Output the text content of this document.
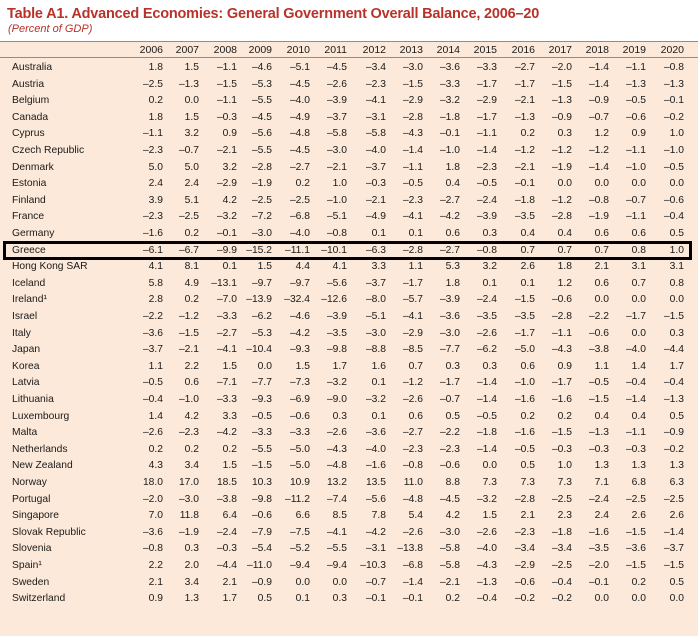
Table A1. Advanced Economies: General Government Overall Balance, 2006–20
(Percent of GDP)
2006	2007	2008	2009	2010	2011	2012	2013	2014	2015	2016	2017	2018	2019	2020
Australia	1.8	1.5	–1.1	–4.6	–5.1	–4.5	–3.4	–3.0	–3.6	–3.3	–2.7	–2.0	–1.4	–1.1	–0.8
Austria	–2.5	–1.3	–1.5	–5.3	–4.5	–2.6	–2.3	–1.5	–3.3	–1.7	–1.7	–1.5	–1.4	–1.3	–1.3
Belgium	0.2	0.0	–1.1	–5.5	–4.0	–3.9	–4.1	–2.9	–3.2	–2.9	–2.1	–1.3	–0.9	–0.5	–0.1
Canada	1.8	1.5	–0.3	–4.5	–4.9	–3.7	–3.1	–2.8	–1.8	–1.7	–1.3	–0.9	–0.7	–0.6	–0.2
Cyprus	–1.1	3.2	0.9	–5.6	–4.8	–5.8	–5.8	–4.3	–0.1	–1.1	0.2	0.3	1.2	0.9	1.0
Czech Republic	–2.3	–0.7	–2.1	–5.5	–4.5	–3.0	–4.0	–1.4	–1.0	–1.4	–1.2	–1.2	–1.2	–1.1	–1.0
Denmark	5.0	5.0	3.2	–2.8	–2.7	–2.1	–3.7	–1.1	1.8	–2.3	–2.1	–1.9	–1.4	–1.0	–0.5
Estonia	2.4	2.4	–2.9	–1.9	0.2	1.0	–0.3	–0.5	0.4	–0.5	–0.1	0.0	0.0	0.0	0.0
Finland	3.9	5.1	4.2	–2.5	–2.5	–1.0	–2.1	–2.3	–2.7	–2.4	–1.8	–1.2	–0.8	–0.7	–0.6
France	–2.3	–2.5	–3.2	–7.2	–6.8	–5.1	–4.9	–4.1	–4.2	–3.9	–3.5	–2.8	–1.9	–1.1	–0.4
Germany	–1.6	0.2	–0.1	–3.0	–4.0	–0.8	0.1	0.1	0.6	0.3	0.4	0.4	0.6	0.6	0.5
Greece	–6.1	–6.7	–9.9 –15.2	–11.1	–10.1	–6.3	–2.8	–2.7	–0.8	0.7	0.7	0.7	0.8	1.0
Hong Kong SAR	4.1	8.1	0.1	1.5	4.4	4.1	3.3	1.1	5.3	3.2	2.6	1.8	2.1	3.1	3.1
Iceland	5.8	4.9	–13.1	–9.7	–9.7	–5.6	–3.7	–1.7	1.8	0.1	0.1	1.2	0.6	0.7	0.8
Ireland¹	2.8	0.2	–7.0 –13.9	–32.4	–12.6	–8.0	–5.7	–3.9	–2.4	–1.5	–0.6	0.0	0.0	0.0
Israel	–2.2	–1.2	–3.3	–6.2	–4.6	–3.9	–5.1	–4.1	–3.6	–3.5	–3.5	–2.8	–2.2	–1.7	–1.5
Italy	–3.6	–1.5	–2.7	–5.3	–4.2	–3.5	–3.0	–2.9	–3.0	–2.6	–1.7	–1.1	–0.6	0.0	0.3
Japan	–3.7	–2.1	–4.1 –10.4	–9.3	–9.8	–8.8	–8.5	–7.7	–6.2	–5.0	–4.3	–3.8	–4.0	–4.4
Korea	1.1	2.2	1.5	0.0	1.5	1.7	1.6	0.7	0.3	0.3	0.6	0.9	1.1	1.4	1.7
Latvia	–0.5	0.6	–7.1	–7.7	–7.3	–3.2	0.1	–1.2	–1.7	–1.4	–1.0	–1.7	–0.5	–0.4	–0.4
Lithuania	–0.4	–1.0	–3.3	–9.3	–6.9	–9.0	–3.2	–2.6	–0.7	–1.4	–1.6	–1.6	–1.5	–1.4	–1.3
Luxembourg	1.4	4.2	3.3	–0.5	–0.6	0.3	0.1	0.6	0.5	–0.5	0.2	0.2	0.4	0.4	0.5
Malta	–2.6	–2.3	–4.2	–3.3	–3.3	–2.6	–3.6	–2.7	–2.2	–1.8	–1.6	–1.5	–1.3	–1.1	–0.9
Netherlands	0.2	0.2	0.2	–5.5	–5.0	–4.3	–4.0	–2.3	–2.3	–1.4	–0.5	–0.3	–0.3	–0.3	–0.2
New Zealand	4.3	3.4	1.5	–1.5	–5.0	–4.8	–1.6	–0.8	–0.6	0.0	0.5	1.0	1.3	1.3	1.3
Norway	18.0	17.0	18.5	10.3	10.9	13.2	13.5	11.0	8.8	7.3	7.3	7.3	7.1	6.8	6.3
Portugal	–2.0	–3.0	–3.8	–9.8	–11.2	–7.4	–5.6	–4.8	–4.5	–3.2	–2.8	–2.5	–2.4	–2.5	–2.5
Singapore	7.0	11.8	6.4	–0.6	6.6	8.5	7.8	5.4	4.2	1.5	2.1	2.3	2.4	2.6	2.6
Slovak Republic	–3.6	–1.9	–2.4	–7.9	–7.5	–4.1	–4.2	–2.6	–3.0	–2.6	–2.3	–1.8	–1.6	–1.5	–1.4
Slovenia	–0.8	0.3	–0.3	–5.4	–5.2	–5.5	–3.1	–13.8	–5.8	–4.0	–3.4	–3.4	–3.5	–3.6	–3.7
Spain¹	2.2	2.0	–4.4 –11.0	–9.4	–9.4	–10.3	–6.8	–5.8	–4.3	–2.9	–2.5	–2.0	–1.5	–1.5
Sweden	2.1	3.4	2.1	–0.9	0.0	0.0	–0.7	–1.4	–2.1	–1.3	–0.6	–0.4	–0.1	0.2	0.5
Switzerland	0.9	1.3	1.7	0.5	0.1	0.3	–0.1	–0.1	0.2	–0.4	–0.2	–0.2	0.0	0.0	0.0
